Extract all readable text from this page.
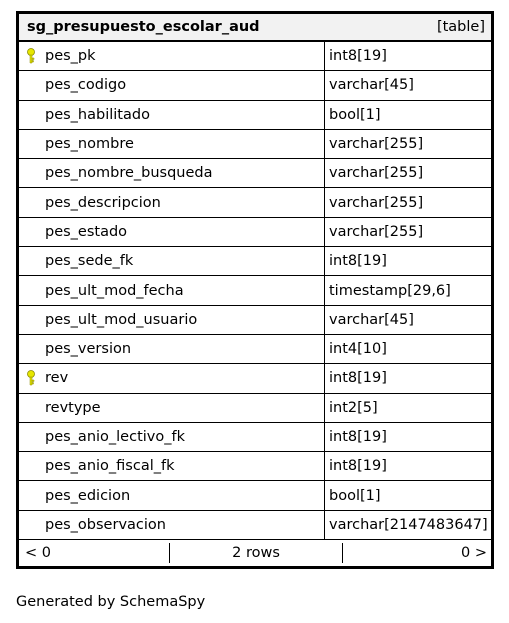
sg_presupuesto_escolar_aud	[table]
pes_pk	int8[19]
pes_codigo	varchar[45]
pes_habilitado	bool[1]
pes_nombre	varchar[255]
pes_nombre_busqueda	varchar[255]
pes_descripcion	varchar[255]
pes_estado	varchar[255]
pes_sede_fk	int8[19]
pes_ult_mod_fecha	timestamp[29,6]
pes_ult_mod_usuario	varchar[45]
pes_version	int4[10]
rev	int8[19]
revtype	int2[5]
pes_anio_lectivo_fk	int8[19]
pes_anio_fiscal_fk	int8[19]
pes_edicion	bool[1]
pes_observacion	varchar[2147483647]
< 0	2 rows	0 >
Generated by SchemaSpy
